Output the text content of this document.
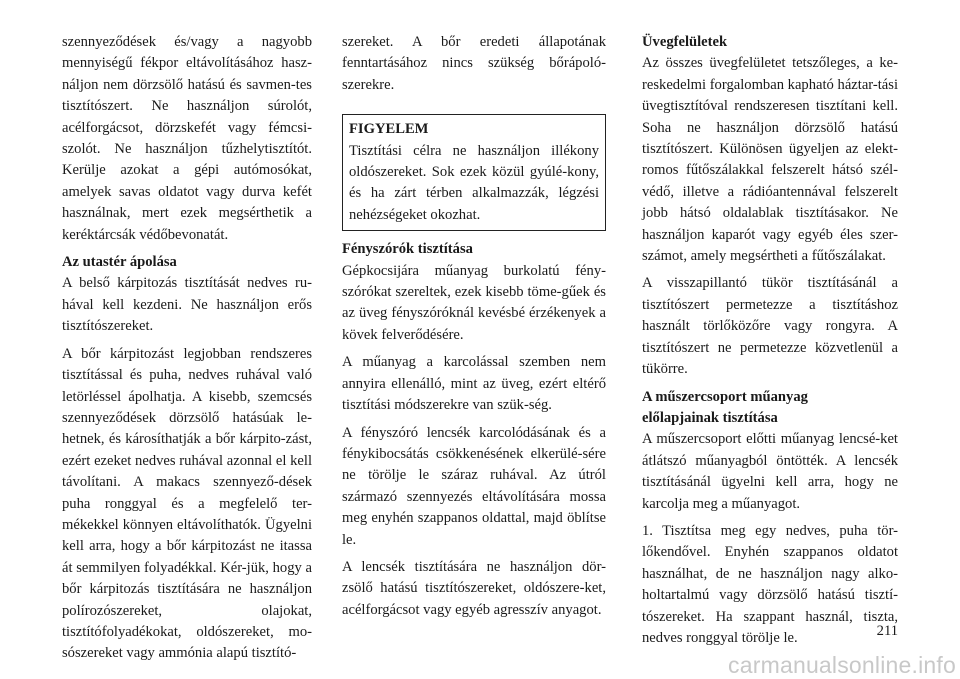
szennyeződések és/vagy a nagyobb mennyiségű fékpor eltávolításához hasz-náljon nem dörzsölő hatású és savmen-tes tisztítószert. Ne használjon súrolót, acélforgácsot, dörzskefét vagy fémcsi-szolót. Ne használjon tűzhelytisztítót. Kerülje azokat a gépi autómosókat, amelyek savas oldatot vagy durva kefét használnak, mert ezek megsérthetik a keréktárcsák védőbevonatát.

Az utastér ápolása

A belső kárpitozás tisztítását nedves ru-hával kell kezdeni. Ne használjon erős tisztítószereket.

A bőr kárpitozást legjobban rendszeres tisztítással és puha, nedves ruhával való letörléssel ápolhatja. A kisebb, szemcsés szennyeződések dörzsölő hatásúak le-hetnek, és károsíthatják a bőr kárpito-zást, ezért ezeket nedves ruhával azonnal el kell távolítani. A makacs szennyező-dések puha ronggyal és a megfelelő ter-mékekkel könnyen eltávolíthatók. Ügyelni kell arra, hogy a bőr kárpitozást ne itassa át semmilyen folyadékkal. Kér-jük, hogy a bőr kárpitozás tisztítására ne használjon polírozószereket, olajokat, tisztítófolyadékokat, oldószereket, mo-sószereket vagy ammónia alapú tisztító-

szereket. A bőr eredeti állapotának fenntartásához nincs szükség bőrápoló-szerekre.

FIGYELEM
Tisztítási célra ne használjon illékony oldószereket. Sok ezek közül gyúlé-kony, és ha zárt térben alkalmazzák, légzési nehézségeket okozhat.
Fényszórók tisztítása

Gépkocsijára műanyag burkolatú fény-szórókat szereltek, ezek kisebb töme-gűek és az üveg fényszóróknál kevésbé érzékenyek a kövek felverődésére.

A műanyag a karcolással szemben nem annyira ellenálló, mint az üveg, ezért eltérő tisztítási módszerekre van szük-ség.

A fényszóró lencsék karcolódásának és a fénykibocsátás csökkenésének elkerülé-sére ne törölje le száraz ruhával. Az útról származó szennyezés eltávolítására mossa meg enyhén szappanos oldattal, majd öblítse le.

A lencsék tisztítására ne használjon dör-zsölő hatású tisztítószereket, oldószere-ket, acélforgácsot vagy egyéb agresszív anyagot.

Üvegfelületek

Az összes üvegfelületet tetszőleges, a ke-reskedelmi forgalomban kapható háztar-tási üvegtisztítóval rendszeresen tisztítani kell. Soha ne használjon dörzsölő hatású tisztítószert. Különösen ügyeljen az elekt-romos fűtőszálakkal felszerelt hátsó szél-védő, illetve a rádióantennával felszerelt jobb hátsó oldalablak tisztításakor. Ne használjon kaparót vagy egyéb éles szer-számot, amely megsértheti a fűtőszálakat.

A visszapillantó tükör tisztításánál a tisztítószert permetezze a tisztításhoz használt törlőközőre vagy rongyra. A tisztítószert ne permetezze közvetlenül a tükörre.

A műszercsoport műanyag
előlapjainak tisztítása

A műszercsoport előtti műanyag lencsé-ket átlátszó műanyagból öntötték. A lencsék tisztításánál ügyelni kell arra, hogy ne karcolja meg a műanyagot.

1. Tisztítsa meg egy nedves, puha tör-lőkendővel. Enyhén szappanos oldatot használhat, de ne használjon nagy alko-holtartalmú vagy dörzsölő hatású tisztí-tószereket. Ha szappant használ, tiszta, nedves ronggyal törölje le.	211
carmanualsonline.info
